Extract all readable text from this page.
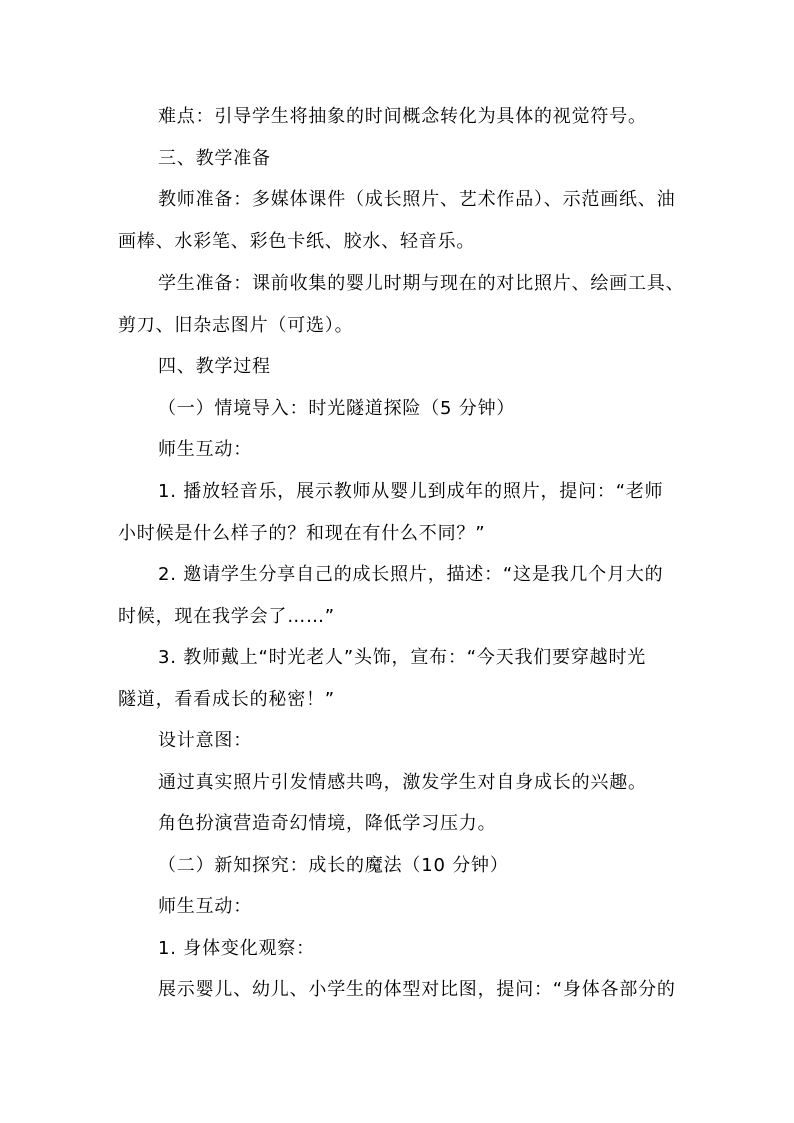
难点：引导学生将抽象的时间概念转化为具体的视觉符号。

三、教学准备

教师准备：多媒体课件（成长照片、艺术作品）、示范画纸、油
画棒、水彩笔、彩色卡纸、胶水、轻音乐。

学生准备：课前收集的婴儿时期与现在的对比照片、绘画工具、
剪刀、旧杂志图片（可选）。

四、教学过程

（一）情境导入：时光隧道探险（5 分钟）

师生互动：

1. 播放轻音乐，展示教师从婴儿到成年的照片，提问：“老师
小时候是什么样子的？和现在有什么不同？”

2. 邀请学生分享自己的成长照片，描述：“这是我几个月大的
时候，现在我学会了……”

3. 教师戴上“时光老人”头饰，宣布：“今天我们要穿越时光
隧道，看看成长的秘密！”

设计意图：

通过真实照片引发情感共鸣，激发学生对自身成长的兴趣。

角色扮演营造奇幻情境，降低学习压力。

（二）新知探究：成长的魔法（10 分钟）

师生互动：

1. 身体变化观察：

展示婴儿、幼儿、小学生的体型对比图，提问：“身体各部分的
